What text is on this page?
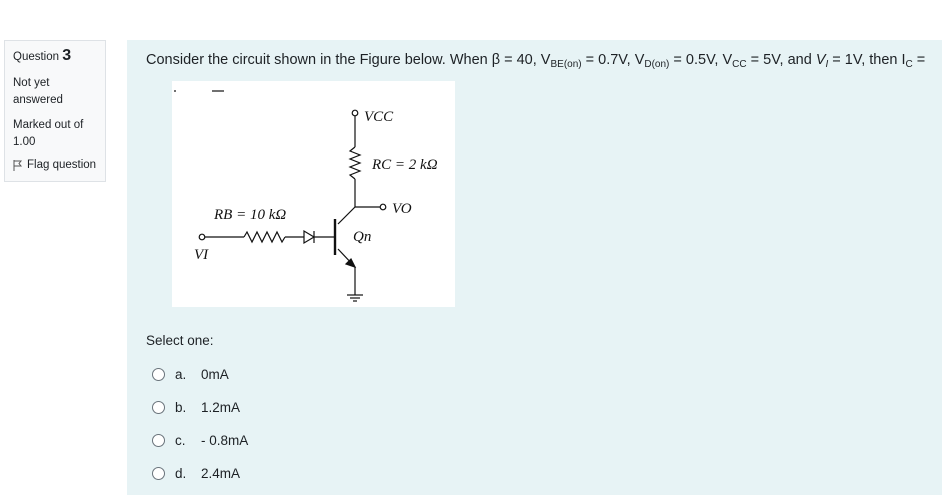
Question 3
Not yet answered
Marked out of 1.00
Flag question
Consider the circuit shown in the Figure below. When β = 40, $V_{BE(on)} = 0.7V$, $V_{D(on)} = 0.5V$, $V_{CC} = 5V$, and $V_I = 1V$, then $I_C$ =
VCC
RC = 2 kΩ
VO
RB = 10 kΩ
Qn
VI
Select one:
a.	0mA
b.	1.2mA
c.	- 0.8mA
d.	2.4mA
